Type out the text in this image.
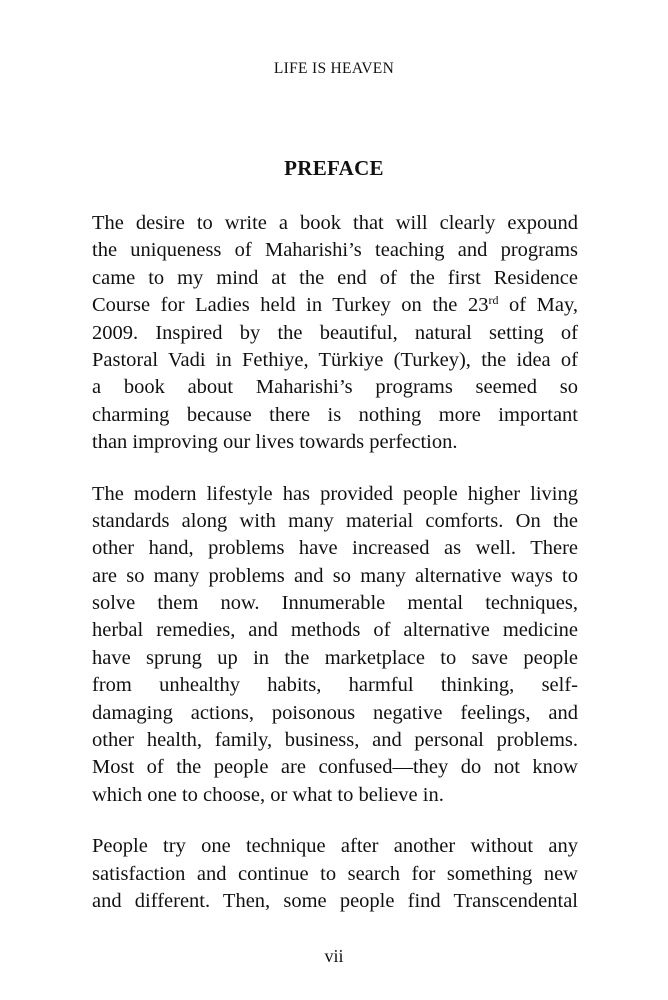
LIFE IS HEAVEN
PREFACE
The desire to write a book that will clearly expound
the uniqueness of Maharishi’s teaching and programs
came to my mind at the end of the first Residence
Course for Ladies held in Turkey on the 23rd of May,
2009. Inspired by the beautiful, natural setting of
Pastoral Vadi in Fethiye, Türkiye (Turkey), the idea of
a book about Maharishi’s programs seemed so
charming because there is nothing more important
than improving our lives towards perfection.
The modern lifestyle has provided people higher living
standards along with many material comforts. On the
other hand, problems have increased as well. There
are so many problems and so many alternative ways to
solve them now. Innumerable mental techniques,
herbal remedies, and methods of alternative medicine
have sprung up in the marketplace to save people
from unhealthy habits, harmful thinking, self-
damaging actions, poisonous negative feelings, and
other health, family, business, and personal problems.
Most of the people are confused—they do not know
which one to choose, or what to believe in.
People try one technique after another without any
satisfaction and continue to search for something new
and different. Then, some people find Transcendental
vii
